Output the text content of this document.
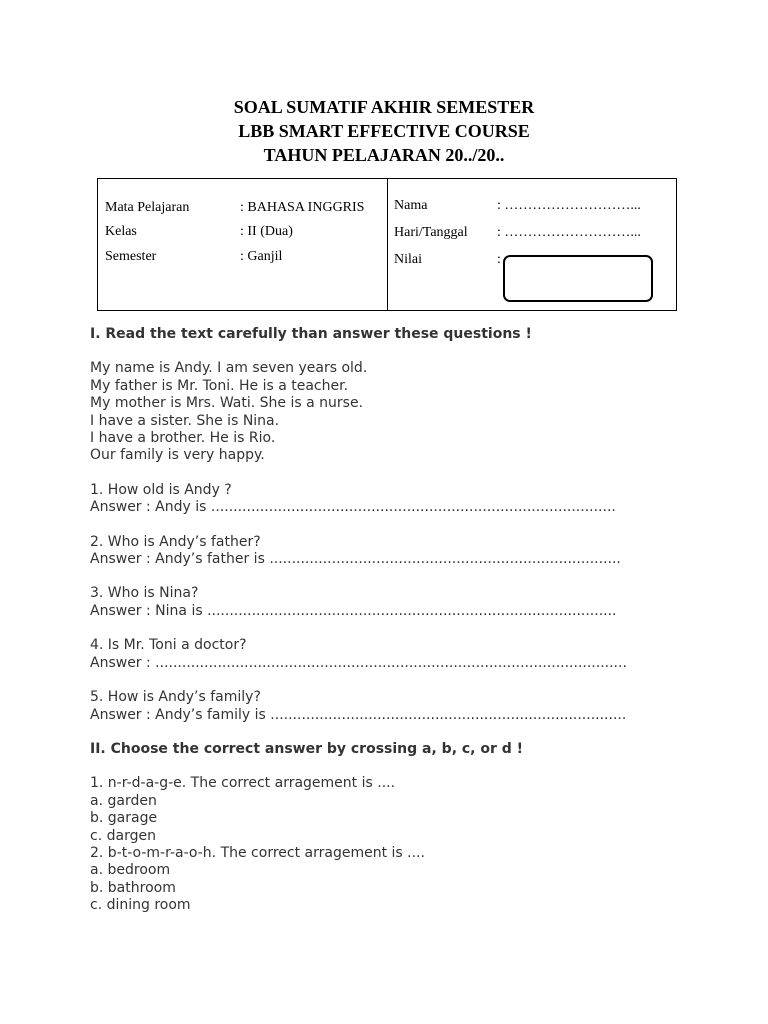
SOAL SUMATIF AKHIR SEMESTER
LBB SMART EFFECTIVE COURSE
TAHUN PELAJARAN 20../20..
Mata Pelajaran	: BAHASA INGGRIS
Kelas	: II (Dua)
Semester	: Ganjil
Nama	: ………………………...
Hari/Tanggal : ………………………...
Nilai	:

I. Read the text carefully than answer these questions !

My name is Andy. I am seven years old.
My father is Mr. Toni. He is a teacher.
My mother is Mrs. Wati. She is a nurse.
I have a sister. She is Nina.
I have a brother. He is Rio.
Our family is very happy.
1. How old is Andy ?
Answer : Andy is ...........................................................................................
2. Who is Andy’s father?
Answer : Andy’s father is ...............................................................................
3. Who is Nina?
Answer : Nina is ............................................................................................
4. Is Mr. Toni a doctor?
Answer : ..........................................................................................................
5. How is Andy’s family?
Answer : Andy’s family is ................................................................................

II. Choose the correct answer by crossing a, b, c, or d !

1. n-r-d-a-g-e. The correct arragement is ....
a. garden
b. garage
c. dargen
2. b-t-o-m-r-a-o-h. The correct arragement is ....
a. bedroom
b. bathroom
c. dining room
